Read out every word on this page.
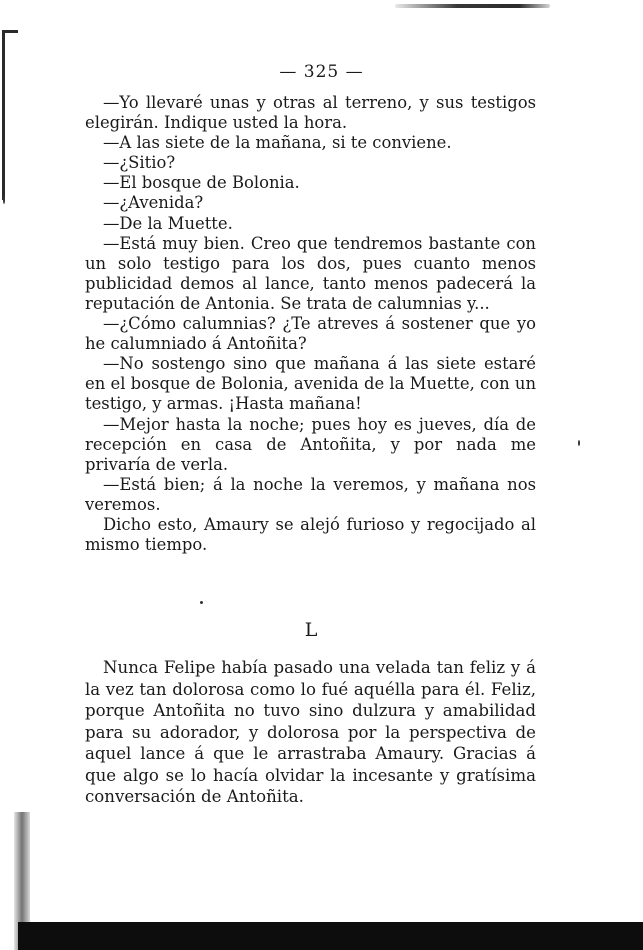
— 325 —

—Yo llevaré unas y otras al terreno, y sus testigos elegirán. Indique usted la hora.

—A las siete de la mañana, si te conviene.

—¿Sitio?

—El bosque de Bolonia.

—¿Avenida?

—De la Muette.

—Está muy bien. Creo que tendremos bastante con un solo testigo para los dos, pues cuanto menos publicidad demos al lance, tanto menos padecerá la reputación de Antonia. Se trata de calumnias y...

—¿Cómo calumnias? ¿Te atreves á sostener que yo he calumniado á Antoñita?

—No sostengo sino que mañana á las siete estaré en el bosque de Bolonia, avenida de la Muette, con un testigo, y armas. ¡Hasta mañana!

—Mejor hasta la noche; pues hoy es jueves, día de recepción en casa de Antoñita, y por nada me privaría de verla.

—Está bien; á la noche la veremos, y mañana nos veremos.

Dicho esto, Amaury se alejó furioso y regocijado al mismo tiempo.

L

Nunca Felipe había pasado una velada tan feliz y á la vez tan dolorosa como lo fué aquélla para él. Feliz, porque Antoñita no tuvo sino dulzura y amabilidad para su adorador, y dolorosa por la perspectiva de aquel lance á que le arrastraba Amaury. Gracias á que algo se lo hacía olvidar la incesante y gratísima conversación de Antoñita.
